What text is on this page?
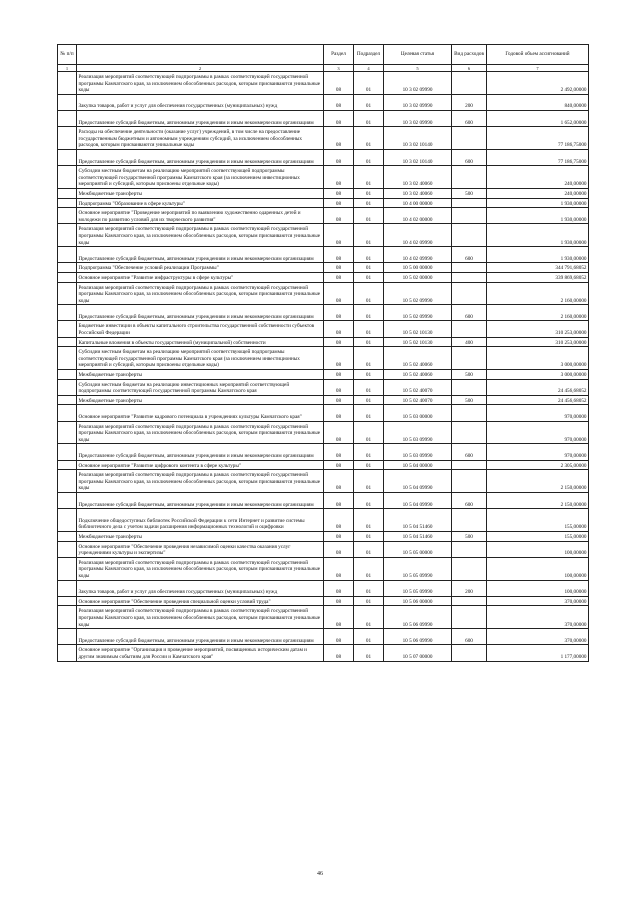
№ п/п		Раздел	Подраздел	Целевая статья	Вид расходов	Годовой объем ассигнований
1	2	3	4	5	6	7
	Реализация мероприятий соответствующей подпрограммы в рамках соответствующей государственной программы Камчатского края, за исключением обособленных расходов, которым присваиваются уникальные коды	08	01	10 3 02 09990		2 492,00000
	Закупка товаров, работ и услуг для обеспечения государственных (муниципальных) нужд	08	01	10 3 02 09990	200	840,00000
	Предоставление субсидий бюджетным, автономным учреждениям и иным некоммерческим организациям	08	01	10 3 02 09990	600	1 652,00000
	Расходы на обеспечение деятельности (оказание услуг) учреждений, в том числе на предоставление государственным бюджетным и автономным учреждениям субсидий, за исключением обособленных расходов, которым присваиваются уникальные коды	08	01	10 3 02 10140		77 186,75000
	Предоставление субсидий бюджетным, автономным учреждениям и иным некоммерческим организациям	08	01	10 3 02 10140	600	77 186,75000
	Субсидии местным бюджетам на реализацию мероприятий соответствующей подпрограммы соответствующей государственной программы Камчатского края (за исключением инвестиционных мероприятий и субсидий, которым присвоены отдельные коды)	08	01	10 3 02 40060		240,00000
	Межбюджетные трансферты	08	01	10 3 02 40060	500	240,00000
	Подпрограмма "Образование в сфере культуры"	08	01	10 4 00 00000		1 930,00000
	Основное мероприятие "Проведение мероприятий по выявлению художественно одаренных детей и молодежи по развитию условий для их творческого развития"	08	01	10 4 02 00000		1 930,00000
	Реализация мероприятий соответствующей подпрограммы в рамках соответствующей государственной программы Камчатского края, за исключением обособленных расходов, которым присваиваются уникальные коды	08	01	10 4 02 09990		1 930,00000
	Предоставление субсидий бюджетным, автономным учреждениям и иным некоммерческим организациям	08	01	10 4 02 09990	600	1 930,00000
	Подпрограмма "Обеспечение условий реализации Программы"	08	01	10 5 00 00000		344 791,68052
	Основное мероприятие "Развитие инфраструктуры в сфере культуры"	08	01	10 5 02 00000		339 869,68052
	Реализация мероприятий соответствующей подпрограммы в рамках соответствующей государственной программы Камчатского края, за исключением обособленных расходов, которым присваиваются уникальные коды	08	01	10 5 02 09990		2 160,00000
	Предоставление субсидий бюджетным, автономным учреждениям и иным некоммерческим организациям	08	01	10 5 02 09990	600	2 160,00000
	Бюджетные инвестиции в объекты капитального строительства государственной собственности субъектов Российской Федерации	08	01	10 5 02 10130		310 253,00000
	Капитальные вложения в объекты государственной (муниципальной) собственности	08	01	10 5 02 10130	400	310 253,00000
	Субсидии местным бюджетам на реализацию мероприятий соответствующей подпрограммы соответствующей государственной программы Камчатского края (за исключением инвестиционных мероприятий и субсидий, которым присвоены отдельные коды)	08	01	10 5 02 40060		3 000,00000
	Межбюджетные трансферты	08	01	10 5 02 40060	500	3 000,00000
	Субсидии местным бюджетам на реализацию инвестиционных мероприятий соответствующей подпрограммы соответствующей государственной программы Камчатского края	08	01	10 5 02 40070		24 456,68052
	Межбюджетные трансферты	08	01	10 5 02 40070	500	24 456,68052
	Основное мероприятие "Развитие кадрового потенциала в учреждениях культуры Камчатского края"	08	01	10 5 03 00000		970,00000
	Реализация мероприятий соответствующей подпрограммы в рамках соответствующей государственной программы Камчатского края, за исключением обособленных расходов, которым присваиваются уникальные коды	08	01	10 5 03 09990		970,00000
	Предоставление субсидий бюджетным, автономным учреждениям и иным некоммерческим организациям	08	01	10 5 03 09990	600	970,00000
	Основное мероприятие "Развитие цифрового контента в сфере культуры"	08	01	10 5 04 00000		2 305,00000
	Реализация мероприятий соответствующей подпрограммы в рамках соответствующей государственной программы Камчатского края, за исключением обособленных расходов, которым присваиваются уникальные коды	08	01	10 5 04 09990		2 150,00000
	Предоставление субсидий бюджетным, автономным учреждениям и иным некоммерческим организациям	08	01	10 5 04 09990	600	2 150,00000
	Подключение общедоступных библиотек Российской Федерации к сети Интернет и развитие системы библиотечного дела с учетом задачи расширения информационных технологий и оцифровки	08	01	10 5 04 51460		155,00000
	Межбюджетные трансферты	08	01	10 5 04 51460	500	155,00000
	Основное мероприятие "Обеспечение проведения независимой оценки качества оказания услуг учреждениями культуры и экспертизы"	08	01	10 5 05 00000		100,00000
	Реализация мероприятий соответствующей подпрограммы в рамках соответствующей государственной программы Камчатского края, за исключением обособленных расходов, которым присваиваются уникальные коды	08	01	10 5 05 09990		100,00000
	Закупка товаров, работ и услуг для обеспечения государственных (муниципальных) нужд	08	01	10 5 05 09990	200	100,00000
	Основное мероприятие "Обеспечение проведения специальной оценки условий труда"	08	01	10 5 06 00000		370,00000
	Реализация мероприятий соответствующей подпрограммы в рамках соответствующей государственной программы Камчатского края, за исключением обособленных расходов, которым присваиваются уникальные коды	08	01	10 5 06 09990		370,00000
	Предоставление субсидий бюджетным, автономным учреждениям и иным некоммерческим организациям	08	01	10 5 06 09990	600	370,00000
	Основное мероприятие "Организация и проведение мероприятий, посвященных историческим датам и другим значимым событиям для России и Камчатского края"	08	01	10 5 07 00000		1 177,00000
46
